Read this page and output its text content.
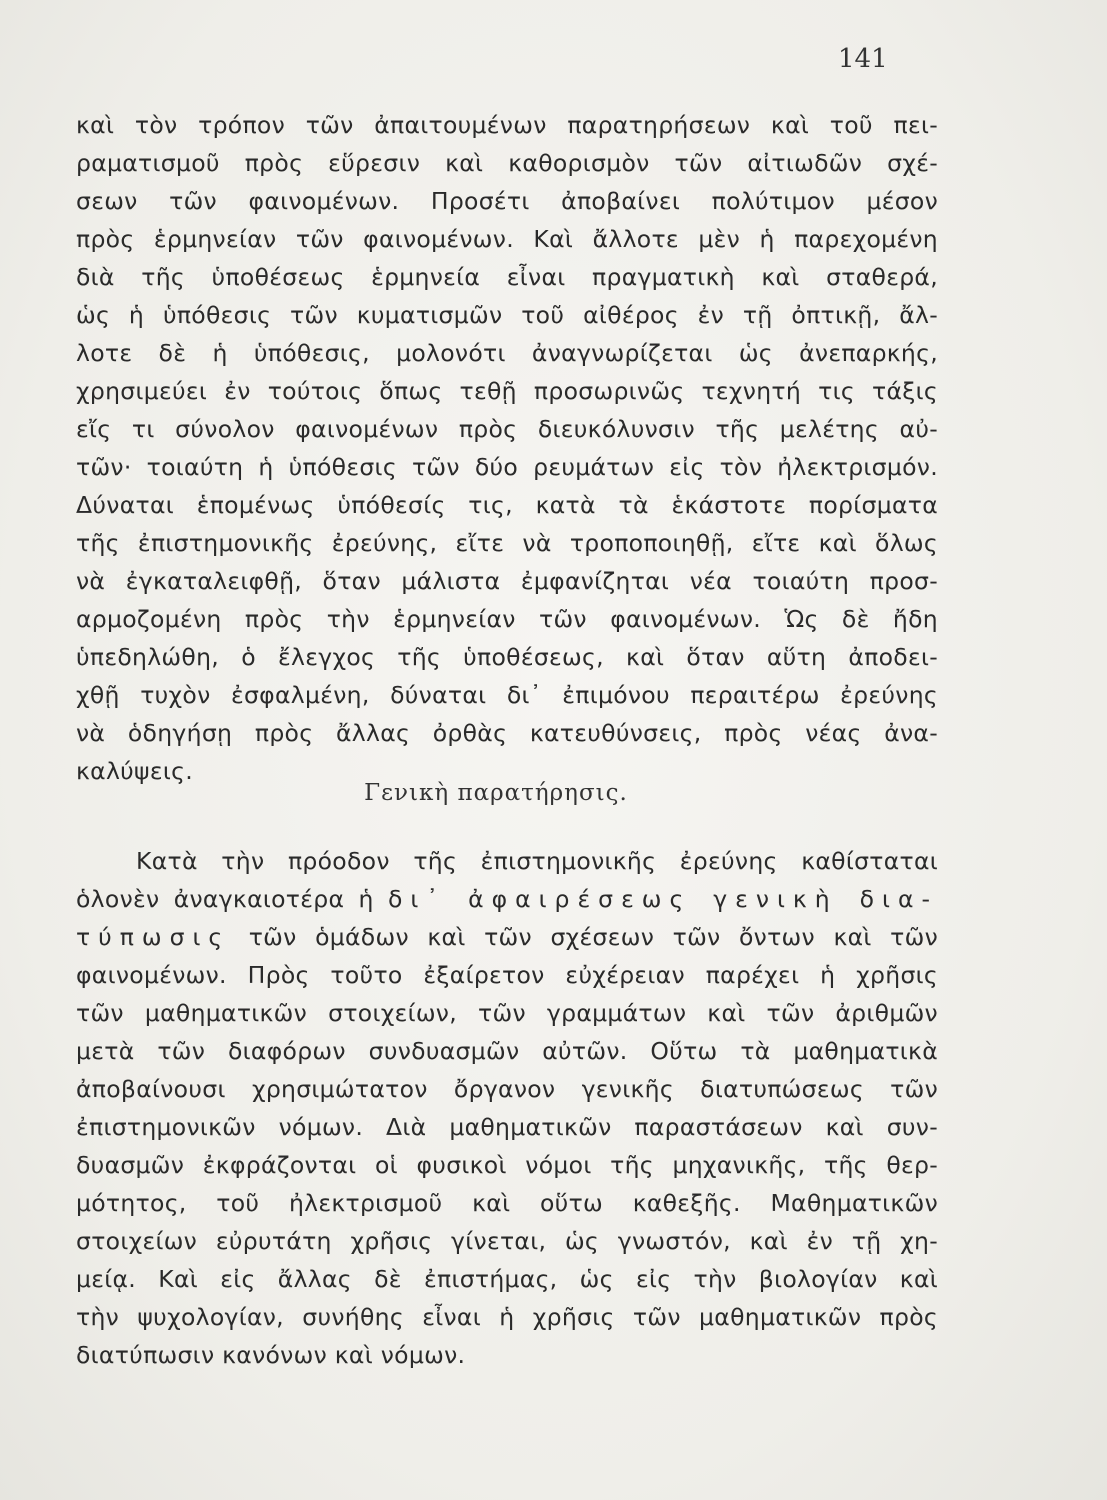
141
καὶ τὸν τρόπον τῶν ἀπαιτουμένων παρατηρήσεων καὶ τοῦ πει-
ραματισμοῦ πρὸς εὕρεσιν καὶ καθορισμὸν τῶν αἰτιωδῶν σχέ-
σεων τῶν φαινομένων. Προσέτι ἀποβαίνει πολύτιμον μέσον
πρὸς ἑρμηνείαν τῶν φαινομένων. Καὶ ἄλλοτε μὲν ἡ παρεχομένη
διὰ τῆς ὑποθέσεως ἑρμηνεία εἶναι πραγματικὴ καὶ σταθερά,
ὡς ἡ ὑπόθεσις τῶν κυματισμῶν τοῦ αἰθέρος ἐν τῇ ὀπτικῇ, ἄλ-
λοτε δὲ ἡ ὑπόθεσις, μολονότι ἀναγνωρίζεται ὡς ἀνεπαρκής,
χρησιμεύει ἐν τούτοις ὅπως τεθῇ προσωρινῶς τεχνητή τις τάξις
εἴς τι σύνολον φαινομένων πρὸς διευκόλυνσιν τῆς μελέτης αὐ-
τῶν· τοιαύτη ἡ ὑπόθεσις τῶν δύο ρευμάτων εἰς τὸν ἠλεκτρισμόν.
Δύναται ἑπομένως ὑπόθεσίς τις, κατὰ τὰ ἑκάστοτε πορίσματα
τῆς ἐπιστημονικῆς ἐρεύνης, εἴτε νὰ τροποποιηθῇ, εἴτε καὶ ὅλως
νὰ ἐγκαταλειφθῇ, ὅταν μάλιστα ἐμφανίζηται νέα τοιαύτη προσ-
αρμοζομένη πρὸς τὴν ἑρμηνείαν τῶν φαινομένων. Ὡς δὲ ἤδη
ὑπεδηλώθη, ὁ ἔλεγχος τῆς ὑποθέσεως, καὶ ὅταν αὕτη ἀποδει-
χθῇ τυχὸν ἐσφαλμένη, δύναται δι᾿ ἐπιμόνου περαιτέρω ἐρεύνης
νὰ ὁδηγήσῃ πρὸς ἄλλας ὀρθὰς κατευθύνσεις, πρὸς νέας ἀνα-
καλύψεις.
Γενικὴ παρατήρησις.
Κατὰ τὴν πρόοδον τῆς ἐπιστημονικῆς ἐρεύνης καθίσταται
ὁλονὲν ἀναγκαιοτέρα ἡ δι᾿ ἀφαιρέσεως γενικὴ δια-
τύπωσις τῶν ὁμάδων καὶ τῶν σχέσεων τῶν ὄντων καὶ τῶν
φαινομένων. Πρὸς τοῦτο ἐξαίρετον εὐχέρειαν παρέχει ἡ χρῆσις
τῶν μαθηματικῶν στοιχείων, τῶν γραμμάτων καὶ τῶν ἀριθμῶν
μετὰ τῶν διαφόρων συνδυασμῶν αὐτῶν. Οὕτω τὰ μαθηματικὰ
ἀποβαίνουσι χρησιμώτατον ὄργανον γενικῆς διατυπώσεως τῶν
ἐπιστημονικῶν νόμων. Διὰ μαθηματικῶν παραστάσεων καὶ συν-
δυασμῶν ἐκφράζονται οἱ φυσικοὶ νόμοι τῆς μηχανικῆς, τῆς θερ-
μότητος, τοῦ ἠλεκτρισμοῦ καὶ οὕτω καθεξῆς. Μαθηματικῶν
στοιχείων εὐρυτάτη χρῆσις γίνεται, ὡς γνωστόν, καὶ ἐν τῇ χη-
μείᾳ. Καὶ εἰς ἄλλας δὲ ἐπιστήμας, ὡς εἰς τὴν βιολογίαν καὶ
τὴν ψυχολογίαν, συνήθης εἶναι ἡ χρῆσις τῶν μαθηματικῶν πρὸς
διατύπωσιν κανόνων καὶ νόμων.
